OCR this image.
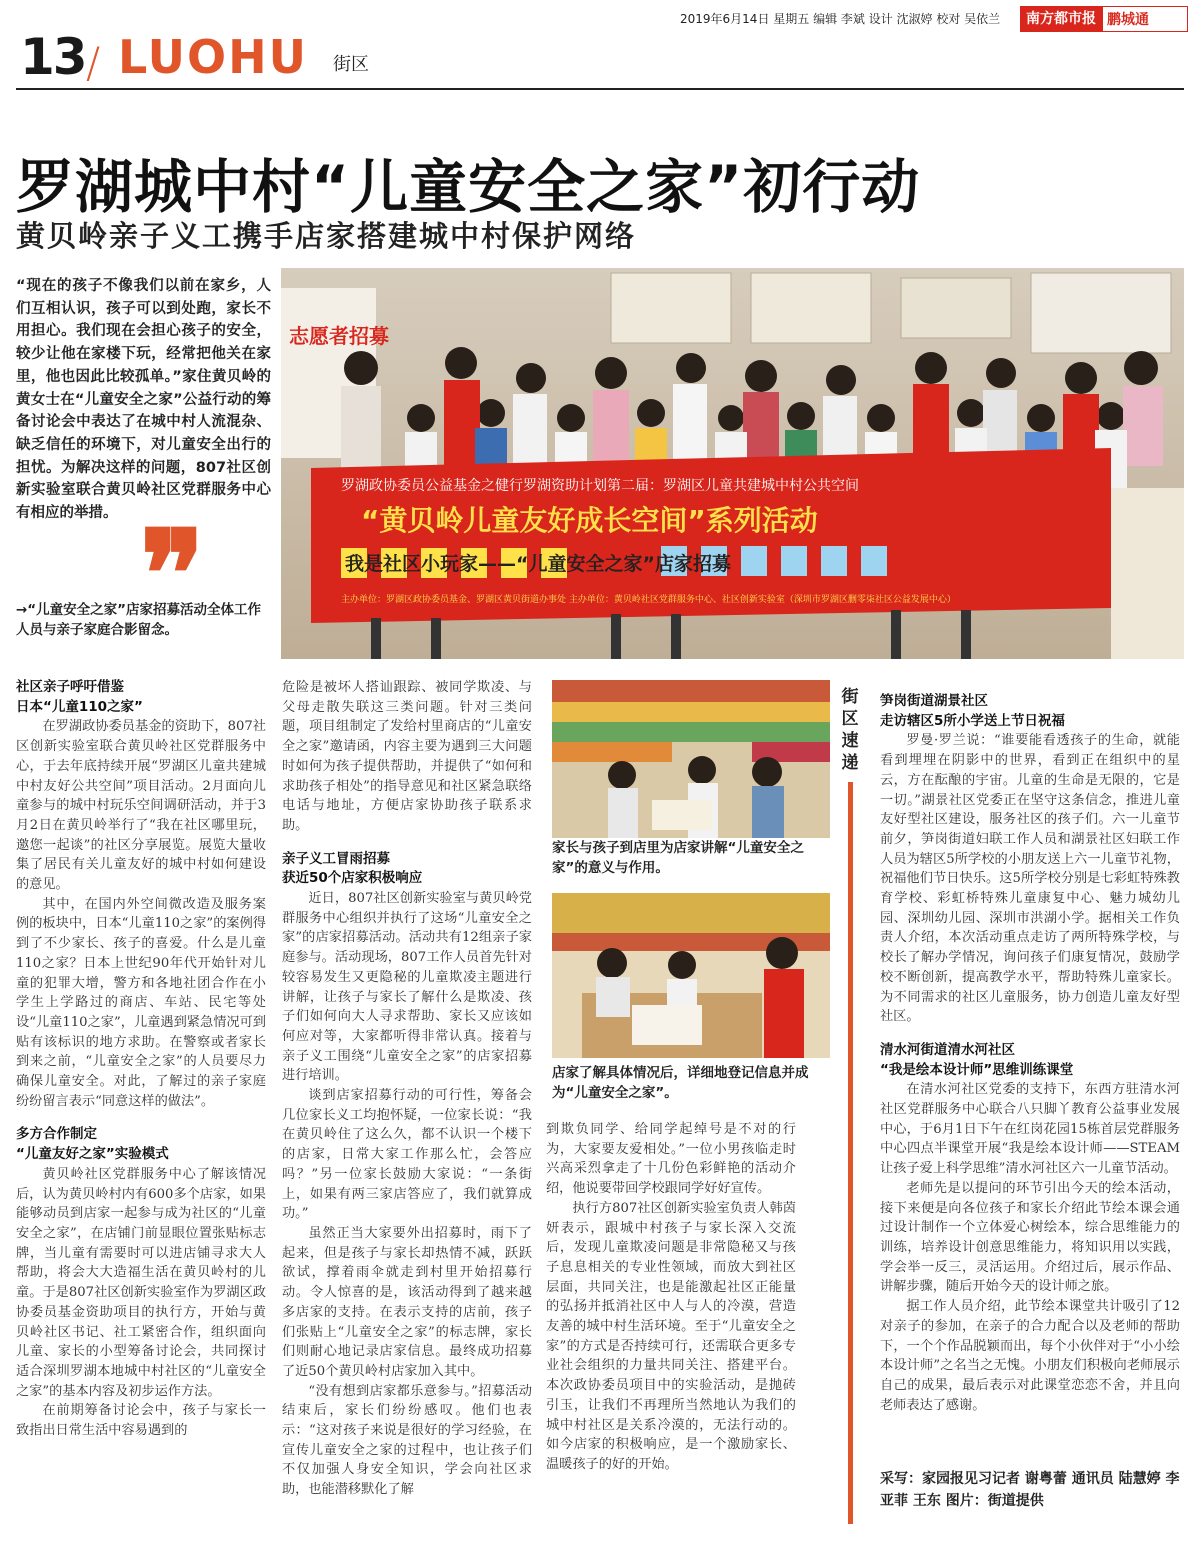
2019年6月14日 星期五 编辑 李斌 设计 沈淑婷 校对 吴依兰	南方都市报 鹏城通
13 / LUOHU 街区
罗湖城中村“儿童安全之家”初行动
黄贝岭亲子义工携手店家搭建城中村保护网络
“现在的孩子不像我们以前在家乡，人们互相认识，孩子可以到处跑，家长不用担心。我们现在会担心孩子的安全，较少让他在家楼下玩，经常把他关在家里，他也因此比较孤单。”家住黄贝岭的黄女士在“儿童安全之家”公益行动的筹备讨论会中表达了在城中村人流混杂、缺乏信任的环境下，对儿童安全出行的担忧。为解决这样的问题，807社区创新实验室联合黄贝岭社区党群服务中心有相应的举措。 ❞
→“儿童安全之家”店家招募活动全体工作人员与亲子家庭合影留念。
志愿者招募
罗湖政协委员公益基金之健行罗湖资助计划第二届：罗湖区儿童共建城中村公共空间
“黄贝岭儿童友好成长空间”系列活动
我是社区小玩家——“儿童安全之家”店家招募
主办单位：罗湖区政协委员基金、罗湖区黄贝街道办事处 主办单位：黄贝岭社区党群服务中心、社区创新实验室（深圳市罗湖区删零柒社区公益发展中心）
家长与孩子到店里为店家讲解“儿童安全之家”的意义与作用。
店家了解具体情况后，详细地登记信息并成为“儿童安全之家”。
社区亲子呼吁借鉴
日本“儿童110之家”

在罗湖政协委员基金的资助下，807社区创新实验室联合黄贝岭社区党群服务中心，于去年底持续开展“罗湖区儿童共建城中村友好公共空间”项目活动。2月面向儿童参与的城中村玩乐空间调研活动，并于3月2日在黄贝岭举行了“我在社区哪里玩，邀您一起谈”的社区分享展览。展览大量收集了居民有关儿童友好的城中村如何建设的意见。

其中，在国内外空间微改造及服务案例的板块中，日本“儿童110之家”的案例得到了不少家长、孩子的喜爱。什么是儿童110之家？日本上世纪90年代开始针对儿童的犯罪大增，警方和各地社团合作在小学生上学路过的商店、车站、民宅等处设“儿童110之家”，儿童遇到紧急情况可到贴有该标识的地方求助。在警察或者家长到来之前，“儿童安全之家”的人员要尽力确保儿童安全。对此，了解过的亲子家庭纷纷留言表示“同意这样的做法”。

多方合作制定
“儿童友好之家”实验模式

黄贝岭社区党群服务中心了解该情况后，认为黄贝岭村内有600多个店家，如果能够动员到店家一起参与成为社区的“儿童安全之家”，在店铺门前显眼位置张贴标志牌，当儿童有需要时可以进店铺寻求大人帮助，将会大大造福生活在黄贝岭村的儿童。于是807社区创新实验室作为罗湖区政协委员基金资助项目的执行方，开始与黄贝岭社区书记、社工紧密合作，组织面向儿童、家长的小型筹备讨论会，共同探讨适合深圳罗湖本地城中村社区的“儿童安全之家”的基本内容及初步运作方法。

在前期筹备讨论会中，孩子与家长一致指出日常生活中容易遇到的

危险是被坏人搭讪跟踪、被同学欺凌、与父母走散失联这三类问题。针对三类问题，项目组制定了发给村里商店的“儿童安全之家”邀请函，内容主要为遇到三大问题时如何为孩子提供帮助，并提供了“如何和求助孩子相处”的指导意见和社区紧急联络电话与地址，方便店家协助孩子联系求助。

亲子义工冒雨招募
获近50个店家积极响应

近日，807社区创新实验室与黄贝岭党群服务中心组织并执行了这场“儿童安全之家”的店家招募活动。活动共有12组亲子家庭参与。活动现场，807工作人员首先针对较容易发生又更隐秘的儿童欺凌主题进行讲解，让孩子与家长了解什么是欺凌、孩子们如何向大人寻求帮助、家长又应该如何应对等，大家都听得非常认真。接着与亲子义工围绕“儿童安全之家”的店家招募进行培训。

谈到店家招募行动的可行性，筹备会几位家长义工均抱怀疑，一位家长说：“我在黄贝岭住了这么久，都不认识一个楼下的店家，日常大家工作那么忙，会答应吗？”另一位家长鼓励大家说：“一条街上，如果有两三家店答应了，我们就算成功。”

虽然正当大家要外出招募时，雨下了起来，但是孩子与家长却热情不减，跃跃欲试，撑着雨伞就走到村里开始招募行动。令人惊喜的是，该活动得到了越来越多店家的支持。在表示支持的店前，孩子们张贴上“儿童安全之家”的标志牌，家长们则耐心地记录店家信息。最终成功招募了近50个黄贝岭村店家加入其中。

“没有想到店家都乐意参与。”招募活动结束后，家长们纷纷感叹。他们也表示：“这对孩子来说是很好的学习经验，在宣传儿童安全之家的过程中，也让孩子们不仅加强人身安全知识，学会向社区求助，也能潜移默化了解

到欺负同学、给同学起绰号是不对的行为，大家要友爱相处。”一位小男孩临走时兴高采烈拿走了十几份色彩鲜艳的活动介绍，他说要带回学校跟同学好好宣传。

执行方807社区创新实验室负责人韩茵妍表示，跟城中村孩子与家长深入交流后，发现儿童欺凌问题是非常隐秘又与孩子息息相关的专业性领域，而放大到社区层面，共同关注，也是能激起社区正能量的弘扬并抵消社区中人与人的冷漠，营造友善的城中村生活环境。至于“儿童安全之家”的方式是否持续可行，还需联合更多专业社会组织的力量共同关注、搭建平台。本次政协委员项目中的实验活动，是抛砖引玉，让我们不再理所当然地认为我们的城中村社区是关系冷漠的，无法行动的。如今店家的积极响应，是一个激励家长、温暖孩子的好的开始。

街区速递
笋岗街道湖景社区
走访辖区5所小学送上节日祝福

罗曼·罗兰说：“谁要能看透孩子的生命，就能看到埋埋在阴影中的世界，看到正在组织中的星云，方在酝酿的宇宙。儿童的生命是无限的，它是一切。”湖景社区党委正在坚守这条信念，推进儿童友好型社区建设，服务社区的孩子们。六一儿童节前夕，笋岗街道妇联工作人员和湖景社区妇联工作人员为辖区5所学校的小朋友送上六一儿童节礼物，祝福他们节日快乐。这5所学校分别是七彩虹特殊教育学校、彩虹桥特殊儿童康复中心、魅力城幼儿园、深圳幼儿园、深圳市洪湖小学。据相关工作负责人介绍，本次活动重点走访了两所特殊学校，与校长了解办学情况，询问孩子们康复情况，鼓励学校不断创新，提高教学水平，帮助特殊儿童家长。为不同需求的社区儿童服务，协力创造儿童友好型社区。

清水河街道清水河社区
“我是绘本设计师”思维训练课堂

在清水河社区党委的支持下，东西方驻清水河社区党群服务中心联合八只脚丫教育公益事业发展中心，于6月1日下午在红岗花园15栋首层党群服务中心四点半课堂开展“我是绘本设计师——STEAM让孩子爱上科学思维”清水河社区六一儿童节活动。

老师先是以提问的环节引出今天的绘本活动，接下来便是向各位孩子和家长介绍此节绘本课会通过设计制作一个立体爱心树绘本，综合思维能力的训练，培养设计创意思维能力，将知识用以实践，学会举一反三，灵活运用。介绍过后，展示作品、讲解步骤，随后开始今天的设计师之旅。

据工作人员介绍，此节绘本课堂共计吸引了12对亲子的参加，在亲子的合力配合以及老师的帮助下，一个个作品脱颖而出，每个小伙伴对于“小小绘本设计师”之名当之无愧。小朋友们积极向老师展示自己的成果，最后表示对此课堂恋恋不舍，并且向老师表达了感谢。

采写：家园报见习记者 谢粤蕾 通讯员 陆慧婷 李亚菲 王东 图片：街道提供
